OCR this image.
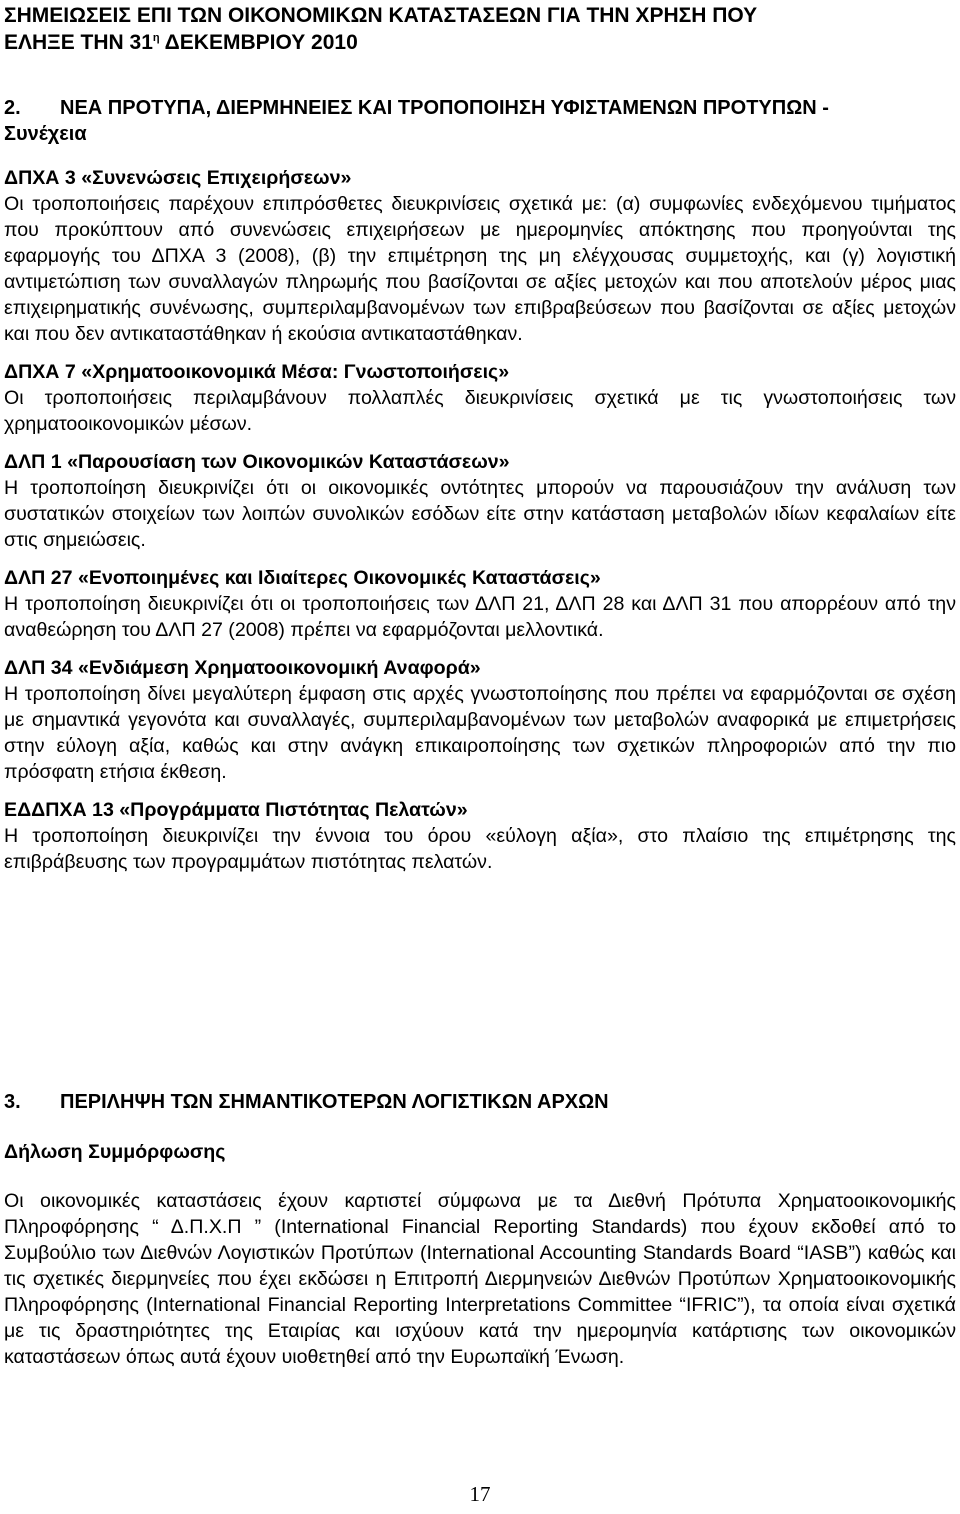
ΣΗΜΕΙΩΣΕΙΣ ΕΠΙ ΤΩΝ ΟΙΚΟΝΟΜΙΚΩΝ ΚΑΤΑΣΤΑΣΕΩΝ ΓΙΑ ΤΗΝ ΧΡΗΣΗ ΠΟΥ
ΕΛΗΞΕ ΤΗΝ $31^\eta$ ΔΕΚΕΜΒΡΙΟΥ 2010
2. ΝΕΑ ΠΡΟΤΥΠΑ, ΔΙΕΡΜΗΝΕΙΕΣ ΚΑΙ ΤΡΟΠΟΠΟΙΗΣΗ ΥΦΙΣΤΑΜΕΝΩΝ ΠΡΟΤΥΠΩΝ -
Συνέχεια
ΔΠΧΑ 3 «Συνενώσεις Επιχειρήσεων»
Οι τροποποιήσεις παρέχουν επιπρόσθετες διευκρινίσεις σχετικά με: (α) συμφωνίες ενδεχόμενου τιμήματος που προκύπτουν από συνενώσεις επιχειρήσεων με ημερομηνίες απόκτησης που προηγούνται της εφαρμογής του ΔΠΧΑ 3 (2008), (β) την επιμέτρηση της μη ελέγχουσας συμμετοχής, και (γ) λογιστική αντιμετώπιση των συναλλαγών πληρωμής που βασίζονται σε αξίες μετοχών και που αποτελούν μέρος μιας επιχειρηματικής συνένωσης, συμπεριλαμβανομένων των επιβραβεύσεων που βασίζονται σε αξίες μετοχών και που δεν αντικαταστάθηκαν ή εκούσια αντικαταστάθηκαν.
ΔΠΧΑ 7 «Χρηματοοικονομικά Μέσα: Γνωστοποιήσεις»
Οι τροποποιήσεις περιλαμβάνουν πολλαπλές διευκρινίσεις σχετικά με τις γνωστοποιήσεις των χρηματοοικονομικών μέσων.
ΔΛΠ 1 «Παρουσίαση των Οικονομικών Καταστάσεων»
Η τροποποίηση διευκρινίζει ότι οι οικονομικές οντότητες μπορούν να παρουσιάζουν την ανάλυση των συστατικών στοιχείων των λοιπών συνολικών εσόδων είτε στην κατάσταση μεταβολών ιδίων κεφαλαίων είτε στις σημειώσεις.
ΔΛΠ 27 «Ενοποιημένες και Ιδιαίτερες Οικονομικές Καταστάσεις»
Η τροποποίηση διευκρινίζει ότι οι τροποποιήσεις των ΔΛΠ 21, ΔΛΠ 28 και ΔΛΠ 31 που απορρέουν από την αναθεώρηση του ΔΛΠ 27 (2008) πρέπει να εφαρμόζονται μελλοντικά.
ΔΛΠ 34 «Ενδιάμεση Χρηματοοικονομική Αναφορά»
Η τροποποίηση δίνει μεγαλύτερη έμφαση στις αρχές γνωστοποίησης που πρέπει να εφαρμόζονται σε σχέση με σημαντικά γεγονότα και συναλλαγές, συμπεριλαμβανομένων των μεταβολών αναφορικά με επιμετρήσεις στην εύλογη αξία, καθώς και στην ανάγκη επικαιροποίησης των σχετικών πληροφοριών από την πιο πρόσφατη ετήσια έκθεση.
ΕΔΔΠΧΑ 13 «Προγράμματα Πιστότητας Πελατών»
Η τροποποίηση διευκρινίζει την έννοια του όρου «εύλογη αξία», στο πλαίσιο της επιμέτρησης της επιβράβευσης των προγραμμάτων πιστότητας πελατών.
3. ΠΕΡΙΛΗΨΗ ΤΩΝ ΣΗΜΑΝΤΙΚΟΤΕΡΩΝ ΛΟΓΙΣΤΙΚΩΝ ΑΡΧΩΝ
Δήλωση Συμμόρφωσης
Οι οικονομικές καταστάσεις έχουν καρτιστεί σύμφωνα με τα Διεθνή Πρότυπα Χρηματοοικονομικής Πληροφόρησης “ Δ.Π.Χ.Π ” (International Financial Reporting Standards) που έχουν εκδοθεί από το Συμβούλιο των Διεθνών Λογιστικών Προτύπων (International Accounting Standards Board “IASB”) καθώς και τις σχετικές διερμηνείες που έχει εκδώσει η Επιτροπή Διερμηνειών Διεθνών Προτύπων Χρηματοοικονομικής Πληροφόρησης (International Financial Reporting Interpretations Committee “IFRIC”), τα οποία είναι σχετικά με τις δραστηριότητες της Εταιρίας και ισχύουν κατά την ημερομηνία κατάρτισης των οικονομικών καταστάσεων όπως αυτά έχουν υιοθετηθεί από την Ευρωπαϊκή Ένωση.
17
